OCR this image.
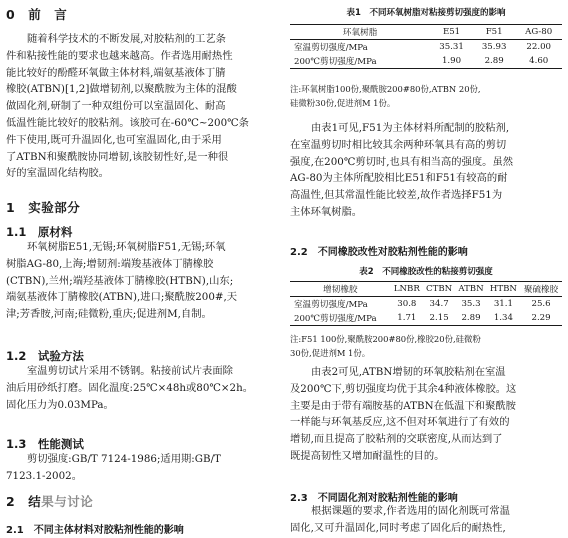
0　前　言
随着科学技术的不断发展,对胶粘剂的工艺条
件和粘接性能的要求也越来越高。作者选用耐热性
能比较好的酚醛环氧做主体材料,端氨基液体丁腈
橡胶(ATBN)[1,2]做增韧剂,以聚酰胺为主体的混酸
做固化剂,研制了一种双组份可以室温固化、耐高
低温性能比较好的胶粘剂。该胶可在-60℃~200℃条
件下使用,既可升温固化,也可室温固化,由于采用
了ATBN和聚酰胺协同增韧,该胶韧性好,是一种很
好的室温固化结构胶。
1　实验部分
1.1　原材料
环氧树脂E51,无锡;环氧树脂F51,无锡;环氧
树脂AG-80,上海;增韧剂:端羧基液体丁腈橡胶
(CTBN),兰州;端羟基液体丁腈橡胶(HTBN),山东;
端氨基液体丁腈橡胶(ATBN),进口;聚酰胺200#,天
津;芳香胺,河南;硅微粉,重庆;促进剂M,自制。
1.2　试验方法
室温剪切试片采用不锈钢。粘接前试片表面除
油后用砂纸打磨。固化温度:25℃×48h或80℃×2h。
固化压力为0.03MPa。
1.3　性能测试
剪切强度:GB/T 7124-1986;适用期:GB/T
7123.1-2002。
2　结果与讨论
2.1　不同主体材料对胶粘剂性能的影响
表1　不同环氧树脂对粘接剪切强度的影响
环氧树脂	E51	F51	AG-80
室温剪切强度/MPa	35.31	35.93	22.00
200℃剪切强度/MPa	1.90	2.89	4.60
注:环氧树脂100份,聚酰胺200#80份,ATBN 20份,
硅微粉30份,促进剂M 1份。
由表1可见,F51为主体材料所配制的胶粘剂,
在室温剪切时相比较其余两种环氧具有高的剪切
强度,在200℃剪切时,也具有相当高的强度。虽然
AG-80为主体所配胶相比E51和F51有较高的耐
高温性,但其常温性能比较差,故作者选择F51为
主体环氧树脂。
2.2　不同橡胶改性对胶粘剂性能的影响
表2　不同橡胶改性的粘接剪切强度
增韧橡胶	LNBR	CTBN	ATBN	HTBN	聚硫橡胶
室温剪切强度/MPa	30.8	34.7	35.3	31.1	25.6
200℃剪切强度/MPa	1.71	2.15	2.89	1.34	2.29
注:F51 100份,聚酰胺200#80份,橡胶20份,硅微粉
30份,促进剂M 1份。
由表2可见,ATBN增韧的环氧胶粘剂在室温
及200℃下,剪切强度均优于其余4种液体橡胶。这
主要是由于带有端胺基的ATBN在低温下和聚酰胺
一样能与环氧基反应,这不但对环氧进行了有效的
增韧,而且提高了胶粘剂的交联密度,从而达到了
既提高韧性又增加耐温性的目的。
2.3　不同固化剂对胶粘剂性能的影响
根据课题的要求,作者选用的固化剂既可常温
固化,又可升温固化,同时考虑了固化后的耐热性,
